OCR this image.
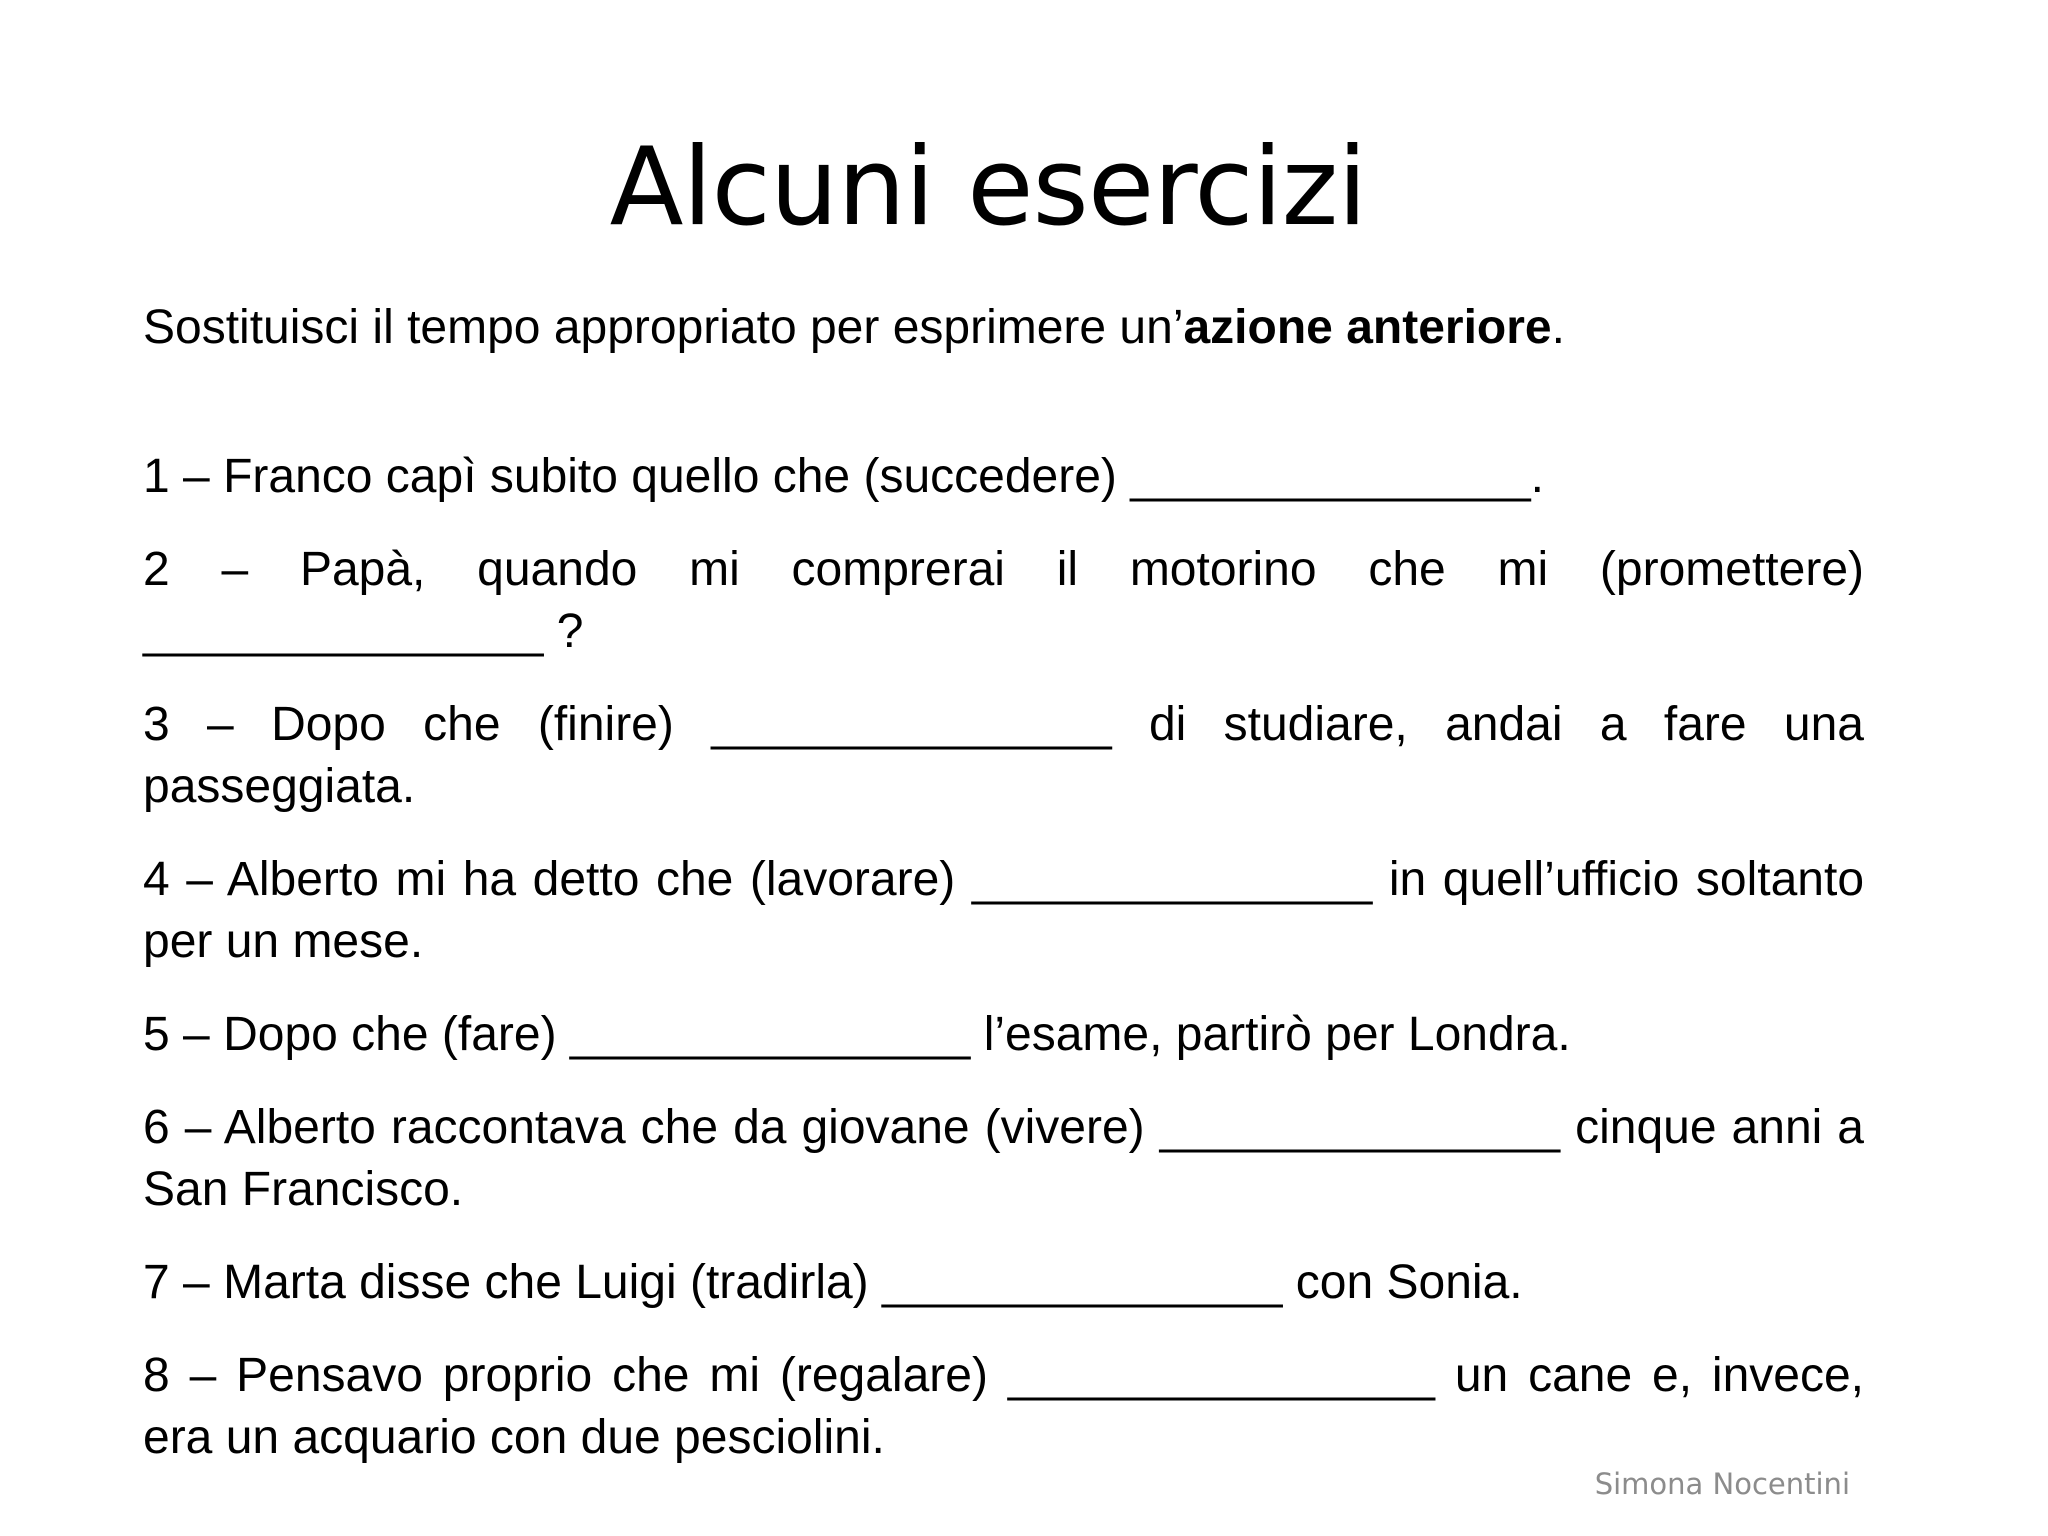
Alcuni esercizi

Sostituisci il tempo appropriato per esprimere un’azione anteriore.

1 – Franco capì subito quello che (succedere) _______________.
2 – Papà, quando mi comprerai il motorino che mi (promettere) _______________ ?
3 – Dopo che (finire) _______________ di studiare, andai a fare una passeggiata.
4 – Alberto mi ha detto che (lavorare) _______________ in quell’ufficio soltanto per un mese.
5 – Dopo che (fare) _______________ l’esame, partirò per Londra.
6 – Alberto raccontava che da giovane (vivere) _______________ cinque anni a San Francisco.
7 – Marta disse che Luigi (tradirla) _______________ con Sonia.
8 – Pensavo proprio che mi (regalare) ________________ un cane e, invece, era un acquario con due pesciolini.

Simona Nocentini
